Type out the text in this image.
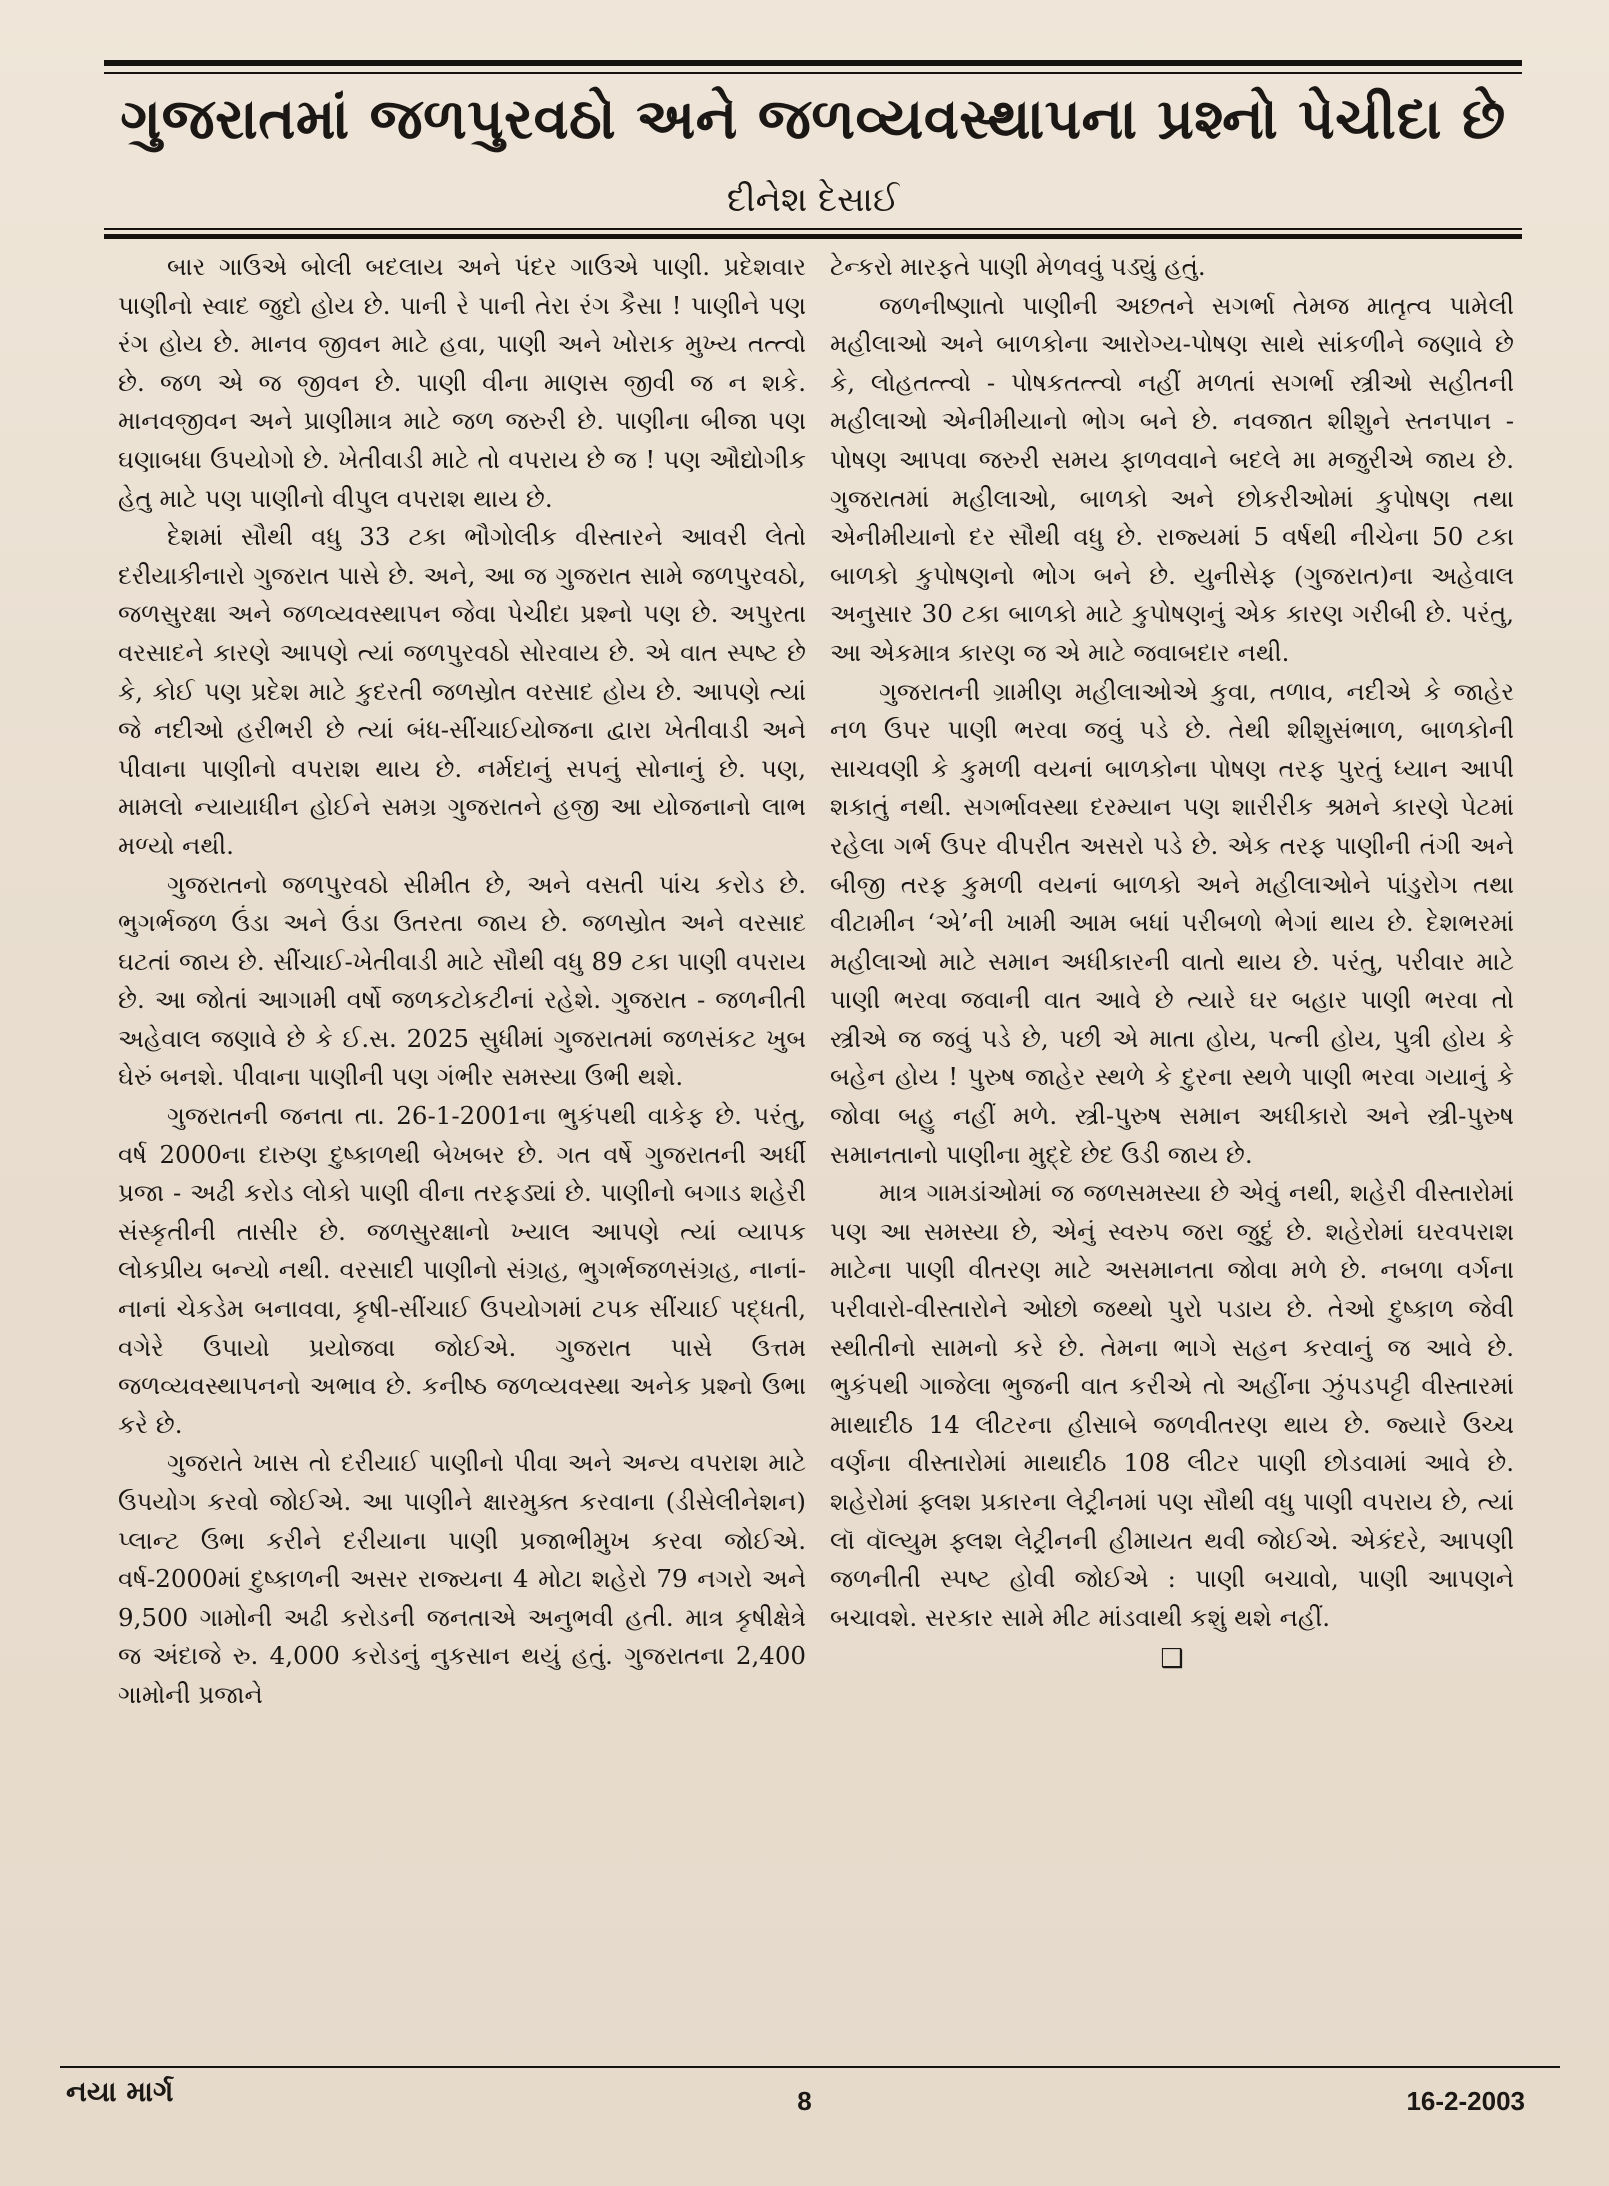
ગુજરાતમાં જળપુરવઠો અને જળવ્યવસ્થાપના પ્રશ્નો પેચીદા છે
દીનેશ દેસાઈ

બાર ગાઉએ બોલી બદલાય અને પંદર ગાઉએ પાણી. પ્રદેશવાર પાણીનો સ્વાદ જુદો હોય છે. પાની રે પાની તેરા રંગ કૈસા ! પાણીને પણ રંગ હોય છે. માનવ જીવન માટે હવા, પાણી અને ખોરાક મુખ્ય તત્ત્વો છે. જળ એ જ જીવન છે. પાણી વીના માણસ જીવી જ ન શકે. માનવજીવન અને પ્રાણીમાત્ર માટે જળ જરુરી છે. પાણીના બીજા પણ ઘણાબધા ઉપયોગો છે. ખેતીવાડી માટે તો વપરાય છે જ ! પણ ઔદ્યોગીક હેતુ માટે પણ પાણીનો વીપુલ વપરાશ થાય છે.

દેશમાં સૌથી વધુ 33 ટકા ભૌગોલીક વીસ્તારને આવરી લેતો દરીયાકીનારો ગુજરાત પાસે છે. અને, આ જ ગુજરાત સામે જળપુરવઠો, જળસુરક્ષા અને જળવ્યવસ્થાપન જેવા પેચીદા પ્રશ્નો પણ છે. અપુરતા વરસાદને કારણે આપણે ત્યાં જળપુરવઠો સોરવાય છે. એ વાત સ્પષ્ટ છે કે, કોઈ પણ પ્રદેશ માટે કુદરતી જળસ્રોત વરસાદ હોય છે. આપણે ત્યાં જે નદીઓ હરીભરી છે ત્યાં બંધ-સીંચાઈયોજના દ્વારા ખેતીવાડી અને પીવાના પાણીનો વપરાશ થાય છે. નર્મદાનું સપનું સોનાનું છે. પણ, મામલો ન્યાયાધીન હોઈને સમગ્ર ગુજરાતને હજી આ યોજનાનો લાભ મળ્યો નથી.

ગુજરાતનો જળપુરવઠો સીમીત છે, અને વસતી પાંચ કરોડ છે. ભુગર્ભજળ ઉંડા અને ઉંડા ઉતરતા જાય છે. જળસ્રોત અને વરસાદ ઘટતાં જાય છે. સીંચાઈ-ખેતીવાડી માટે સૌથી વધુ 89 ટકા પાણી વપરાય છે. આ જોતાં આગામી વર્ષો જળકટોકટીનાં રહેશે. ગુજરાત - જળનીતી અહેવાલ જણાવે છે કે ઈ.સ. 2025 સુધીમાં ગુજરાતમાં જળસંકટ ખુબ ઘેરું બનશે. પીવાના પાણીની પણ ગંભીર સમસ્યા ઉભી થશે.

ગુજરાતની જનતા તા. 26-1-2001ના ભુકંપથી વાકેફ છે. પરંતુ, વર્ષ 2000ના દારુણ દુષ્કાળથી બેખબર છે. ગત વર્ષે ગુજરાતની અર્ધી પ્રજા - અઢી કરોડ લોકો પાણી વીના તરફડ્યાં છે. પાણીનો બગાડ શહેરી સંસ્કૃતીની તાસીર છે. જળસુરક્ષાનો ખ્યાલ આપણે ત્યાં વ્યાપક લોકપ્રીય બન્યો નથી. વરસાદી પાણીનો સંગ્રહ, ભુગર્ભજળસંગ્રહ, નાનાં-નાનાં ચેકડેમ બનાવવા, કૃષી-સીંચાઈ ઉપયોગમાં ટપક સીંચાઈ પદ્ધતી, વગેરે ઉપાયો પ્રયોજવા જોઈએ. ગુજરાત પાસે ઉત્તમ જળવ્યવસ્થાપનનો અભાવ છે. કનીષ્ઠ જળવ્યવસ્થા અનેક પ્રશ્નો ઉભા કરે છે.

ગુજરાતે ખાસ તો દરીયાઈ પાણીનો પીવા અને અન્ય વપરાશ માટે ઉપયોગ કરવો જોઈએ. આ પાણીને ક્ષારમુક્ત કરવાના (ડીસેલીનેશન) પ્લાન્ટ ઉભા કરીને દરીયાના પાણી પ્રજાભીમુખ કરવા જોઈએ. વર્ષ-2000માં દુષ્કાળની અસર રાજ્યના 4 મોટા શહેરો 79 નગરો અને 9,500 ગામોની અઢી કરોડની જનતાએ અનુભવી હતી. માત્ર કૃષીક્ષેત્રે જ અંદાજે રુ. 4,000 કરોડનું નુકસાન થયું હતું. ગુજરાતના 2,400 ગામોની પ્રજાને

ટેન્કરો મારફતે પાણી મેળવવું પડ્યું હતું.

જળનીષ્ણાતો પાણીની અછતને સગર્ભા તેમજ માતૃત્વ પામેલી મહીલાઓ અને બાળકોના આરોગ્ય-પોષણ સાથે સાંકળીને જણાવે છે કે, લોહતત્ત્વો - પોષકતત્ત્વો નહીં મળતાં સગર્ભા સ્ત્રીઓ સહીતની મહીલાઓ એનીમીયાનો ભોગ બને છે. નવજાત શીશુને સ્તનપાન - પોષણ આપવા જરુરી સમય ફાળવવાને બદલે મા મજુરીએ જાય છે. ગુજરાતમાં મહીલાઓ, બાળકો અને છોકરીઓમાં કુપોષણ તથા એનીમીયાનો દર સૌથી વધુ છે. રાજ્યમાં 5 વર્ષથી નીચેના 50 ટકા બાળકો કુપોષણનો ભોગ બને છે. યુનીસેફ (ગુજરાત)ના અહેવાલ અનુસાર 30 ટકા બાળકો માટે કુપોષણનું એક કારણ ગરીબી છે. પરંતુ, આ એકમાત્ર કારણ જ એ માટે જવાબદાર નથી.

ગુજરાતની ગ્રામીણ મહીલાઓએ કુવા, તળાવ, નદીએ કે જાહેર નળ ઉપર પાણી ભરવા જવું પડે છે. તેથી શીશુસંભાળ, બાળકોની સાચવણી કે કુમળી વયનાં બાળકોના પોષણ તરફ પુરતું ધ્યાન આપી શકાતું નથી. સગર્ભાવસ્થા દરમ્યાન પણ શારીરીક શ્રમને કારણે પેટમાં રહેલા ગર્ભ ઉપર વીપરીત અસરો પડે છે. એક તરફ પાણીની તંગી અને બીજી તરફ કુમળી વયનાં બાળકો અને મહીલાઓને પાંડુરોગ તથા વીટામીન ‘એ’ની ખામી આમ બધાં પરીબળો ભેગાં થાય છે. દેશભરમાં મહીલાઓ માટે સમાન અધીકારની વાતો થાય છે. પરંતુ, પરીવાર માટે પાણી ભરવા જવાની વાત આવે છે ત્યારે ઘર બહાર પાણી ભરવા તો સ્ત્રીએ જ જવું પડે છે, પછી એ માતા હોય, પત્ની હોય, પુત્રી હોય કે બહેન હોય ! પુરુષ જાહેર સ્થળે કે દુરના સ્થળે પાણી ભરવા ગયાનું કે જોવા બહુ નહીં મળે. સ્ત્રી-પુરુષ સમાન અધીકારો અને સ્ત્રી-પુરુષ સમાનતાનો પાણીના મુદ્દે છેદ ઉડી જાય છે.

માત્ર ગામડાંઓમાં જ જળસમસ્યા છે એવું નથી, શહેરી વીસ્તારોમાં પણ આ સમસ્યા છે, એનું સ્વરુપ જરા જુદું છે. શહેરોમાં ઘરવપરાશ માટેના પાણી વીતરણ માટે અસમાનતા જોવા મળે છે. નબળા વર્ગના પરીવારો-વીસ્તારોને ઓછો જથ્થો પુરો પડાય છે. તેઓ દુષ્કાળ જેવી સ્થીતીનો સામનો કરે છે. તેમના ભાગે સહન કરવાનું જ આવે છે. ભુકંપથી ગાજેલા ભુજની વાત કરીએ તો અહીંના ઝુંપડપટ્ટી વીસ્તારમાં માથાદીઠ 14 લીટરના હીસાબે જળવીતરણ થાય છે. જ્યારે ઉચ્ચ વર્ણના વીસ્તારોમાં માથાદીઠ 108 લીટર પાણી છોડવામાં આવે છે. શહેરોમાં ફ્લશ પ્રકારના લેટ્રીનમાં પણ સૌથી વધુ પાણી વપરાય છે, ત્યાં લૉ વૉલ્યુમ ફ્લશ લેટ્રીનની હીમાયત થવી જોઈએ. એકંદરે, આપણી જળનીતી સ્પષ્ટ હોવી જોઈએ : પાણી બચાવો, પાણી આપણને બચાવશે. સરકાર સામે મીટ માંડવાથી કશું થશે નહીં.

❑
નયા માર્ગ	8	16-2-2003
